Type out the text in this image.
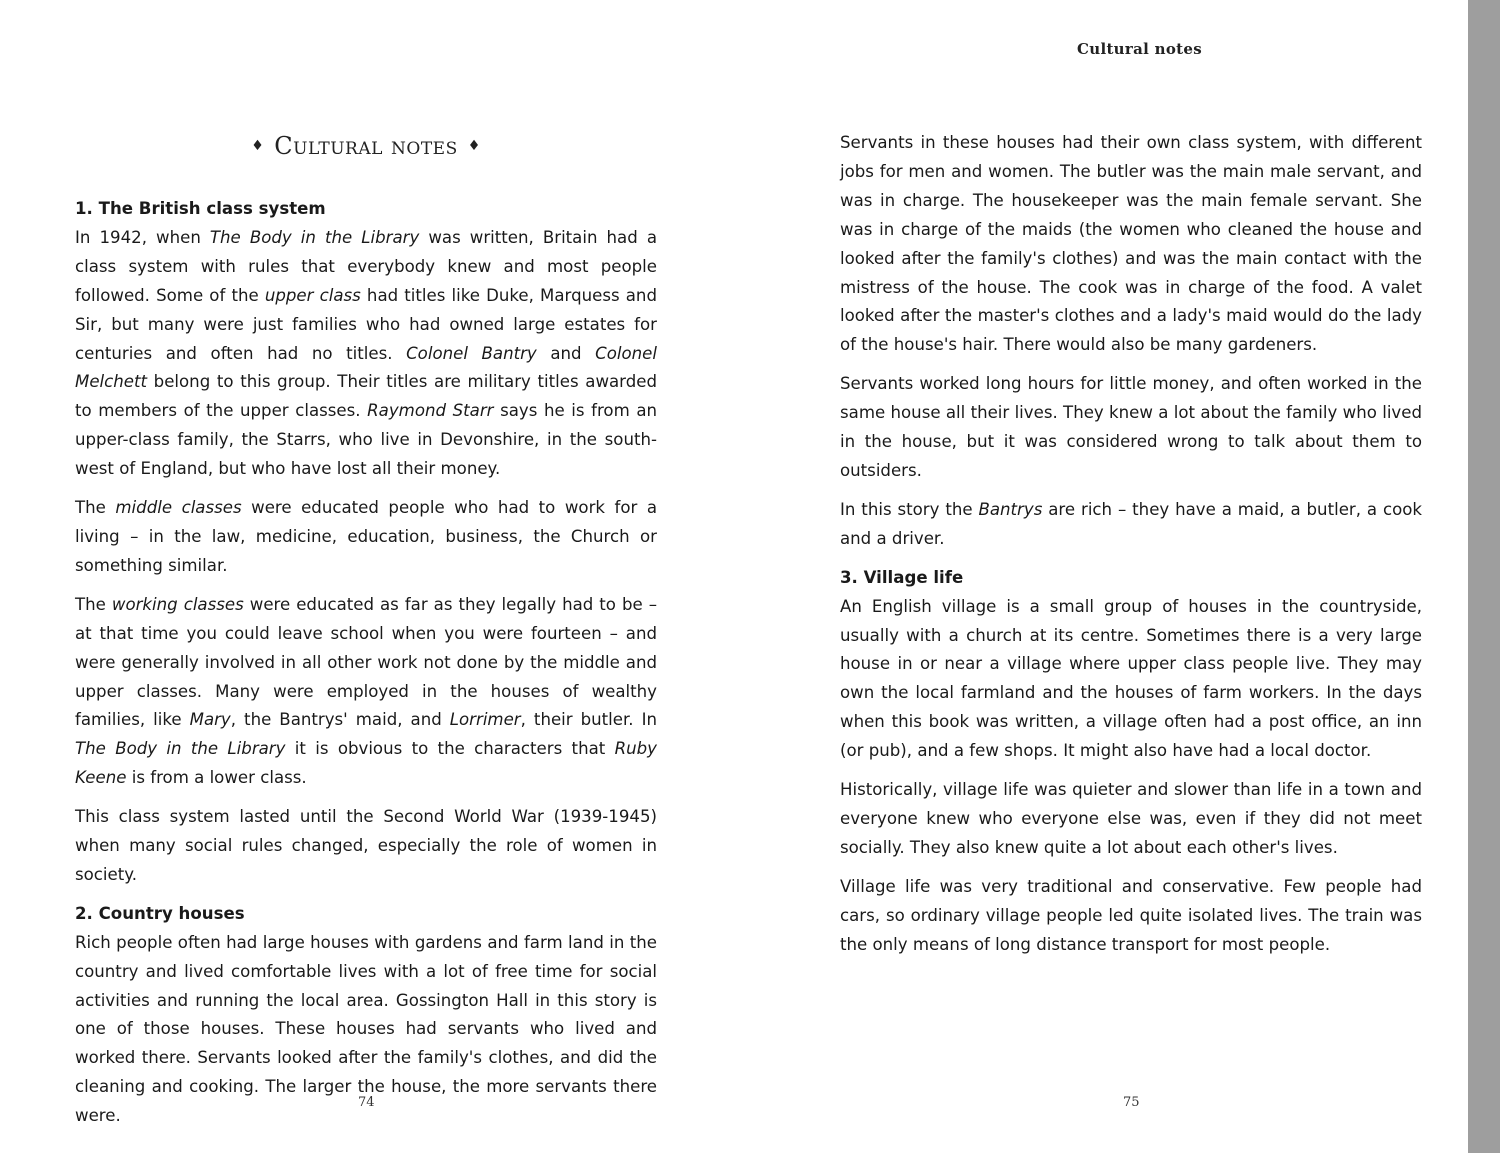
♦ Cultural notes ♦
1. The British class system

In 1942, when The Body in the Library was written, Britain had a class system with rules that everybody knew and most people followed. Some of the upper class had titles like Duke, Marquess and Sir, but many were just families who had owned large estates for centuries and often had no titles. Colonel Bantry and Colonel Melchett belong to this group. Their titles are military titles awarded to members of the upper classes. Raymond Starr says he is from an upper-class family, the Starrs, who live in Devonshire, in the south-west of England, but who have lost all their money.

The middle classes were educated people who had to work for a living – in the law, medicine, education, business, the Church or something similar.

The working classes were educated as far as they legally had to be – at that time you could leave school when you were fourteen – and were generally involved in all other work not done by the middle and upper classes. Many were employed in the houses of wealthy families, like Mary, the Bantrys' maid, and Lorrimer, their butler. In The Body in the Library it is obvious to the characters that Ruby Keene is from a lower class.

This class system lasted until the Second World War (1939-1945) when many social rules changed, especially the role of women in society.

2. Country houses

Rich people often had large houses with gardens and farm land in the country and lived comfortable lives with a lot of free time for social activities and running the local area. Gossington Hall in this story is one of those houses. These houses had servants who lived and worked there. Servants looked after the family's clothes, and did the cleaning and cooking. The larger the house, the more servants there were.

74
Cultural notes

Servants in these houses had their own class system, with different jobs for men and women. The butler was the main male servant, and was in charge. The housekeeper was the main female servant. She was in charge of the maids (the women who cleaned the house and looked after the family's clothes) and was the main contact with the mistress of the house. The cook was in charge of the food. A valet looked after the master's clothes and a lady's maid would do the lady of the house's hair. There would also be many gardeners.

Servants worked long hours for little money, and often worked in the same house all their lives. They knew a lot about the family who lived in the house, but it was considered wrong to talk about them to outsiders.

In this story the Bantrys are rich – they have a maid, a butler, a cook and a driver.

3. Village life

An English village is a small group of houses in the countryside, usually with a church at its centre. Sometimes there is a very large house in or near a village where upper class people live. They may own the local farmland and the houses of farm workers. In the days when this book was written, a village often had a post office, an inn (or pub), and a few shops. It might also have had a local doctor.

Historically, village life was quieter and slower than life in a town and everyone knew who everyone else was, even if they did not meet socially. They also knew quite a lot about each other's lives.

Village life was very traditional and conservative. Few people had cars, so ordinary village people led quite isolated lives. The train was the only means of long distance transport for most people.

75
